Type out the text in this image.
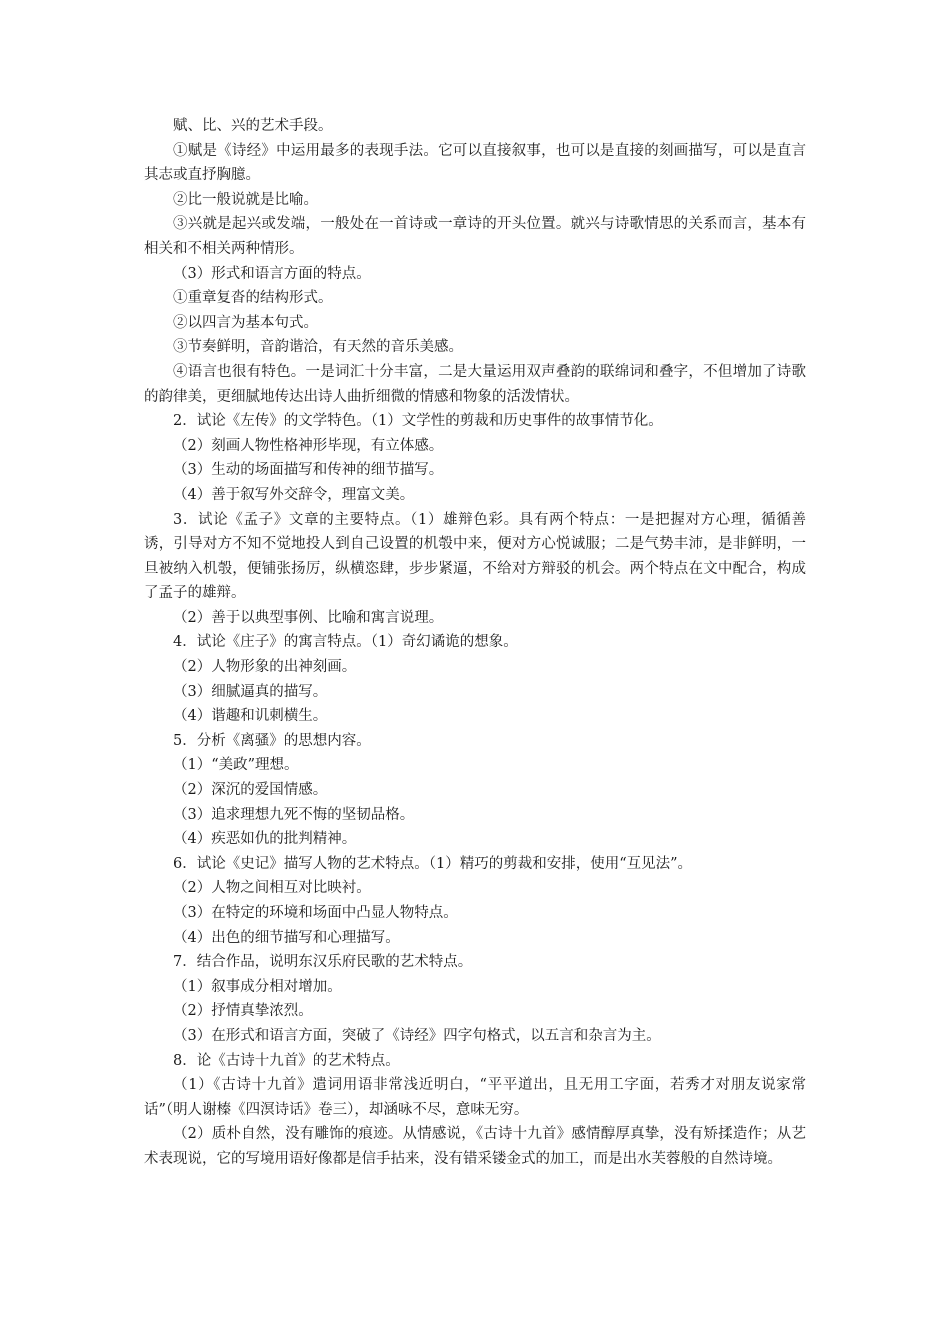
赋、比、兴的艺术手段。

①赋是《诗经》中运用最多的表现手法。它可以直接叙事，也可以是直接的刻画描写，可以是直言其志或直抒胸臆。

②比一般说就是比喻。

③兴就是起兴或发端，一般处在一首诗或一章诗的开头位置。就兴与诗歌情思的关系而言，基本有相关和不相关两种情形。

（3）形式和语言方面的特点。

①重章复沓的结构形式。

②以四言为基本句式。

③节奏鲜明，音韵谐洽，有天然的音乐美感。

④语言也很有特色。一是词汇十分丰富，二是大量运用双声叠韵的联绵词和叠字，不但增加了诗歌的韵律美，更细腻地传达出诗人曲折细微的情感和物象的活泼情状。

2．试论《左传》的文学特色。（1）文学性的剪裁和历史事件的故事情节化。

（2）刻画人物性格神形毕现，有立体感。

（3）生动的场面描写和传神的细节描写。

（4）善于叙写外交辞令，理富文美。

3．试论《孟子》文章的主要特点。（1）雄辩色彩。具有两个特点：一是把握对方心理，循循善诱，引导对方不知不觉地投人到自己设置的机彀中来，便对方心悦诚服；二是气势丰沛，是非鲜明，一旦被纳入机彀，便铺张扬厉，纵横恣肆，步步紧逼，不给对方辩驳的机会。两个特点在文中配合，构成了孟子的雄辩。

（2）善于以典型事例、比喻和寓言说理。

4．试论《庄子》的寓言特点。（1）奇幻谲诡的想象。

（2）人物形象的出神刻画。

（3）细腻逼真的描写。

（4）谐趣和讥刺横生。

5．分析《离骚》的思想内容。

（1）“美政”理想。

（2）深沉的爱国情感。

（3）追求理想九死不悔的坚韧品格。

（4）疾恶如仇的批判精神。

6．试论《史记》描写人物的艺术特点。（1）精巧的剪裁和安排，使用“互见法”。

（2）人物之间相互对比映衬。

（3）在特定的环境和场面中凸显人物特点。

（4）出色的细节描写和心理描写。

7．结合作品，说明东汉乐府民歌的艺术特点。

（1）叙事成分相对增加。

（2）抒情真挚浓烈。

（3）在形式和语言方面，突破了《诗经》四字句格式，以五言和杂言为主。

8．论《古诗十九首》的艺术特点。

（1）《古诗十九首》遣词用语非常浅近明白，“平平道出，且无用工字面，若秀才对朋友说家常话”（明人谢榛《四溟诗话》卷三），却涵咏不尽，意味无穷。

（2）质朴自然，没有雕饰的痕迹。从情感说，《古诗十九首》感情醇厚真挚，没有矫揉造作；从艺术表现说，它的写境用语好像都是信手拈来，没有错采镂金式的加工，而是出水芙蓉般的自然诗境。
